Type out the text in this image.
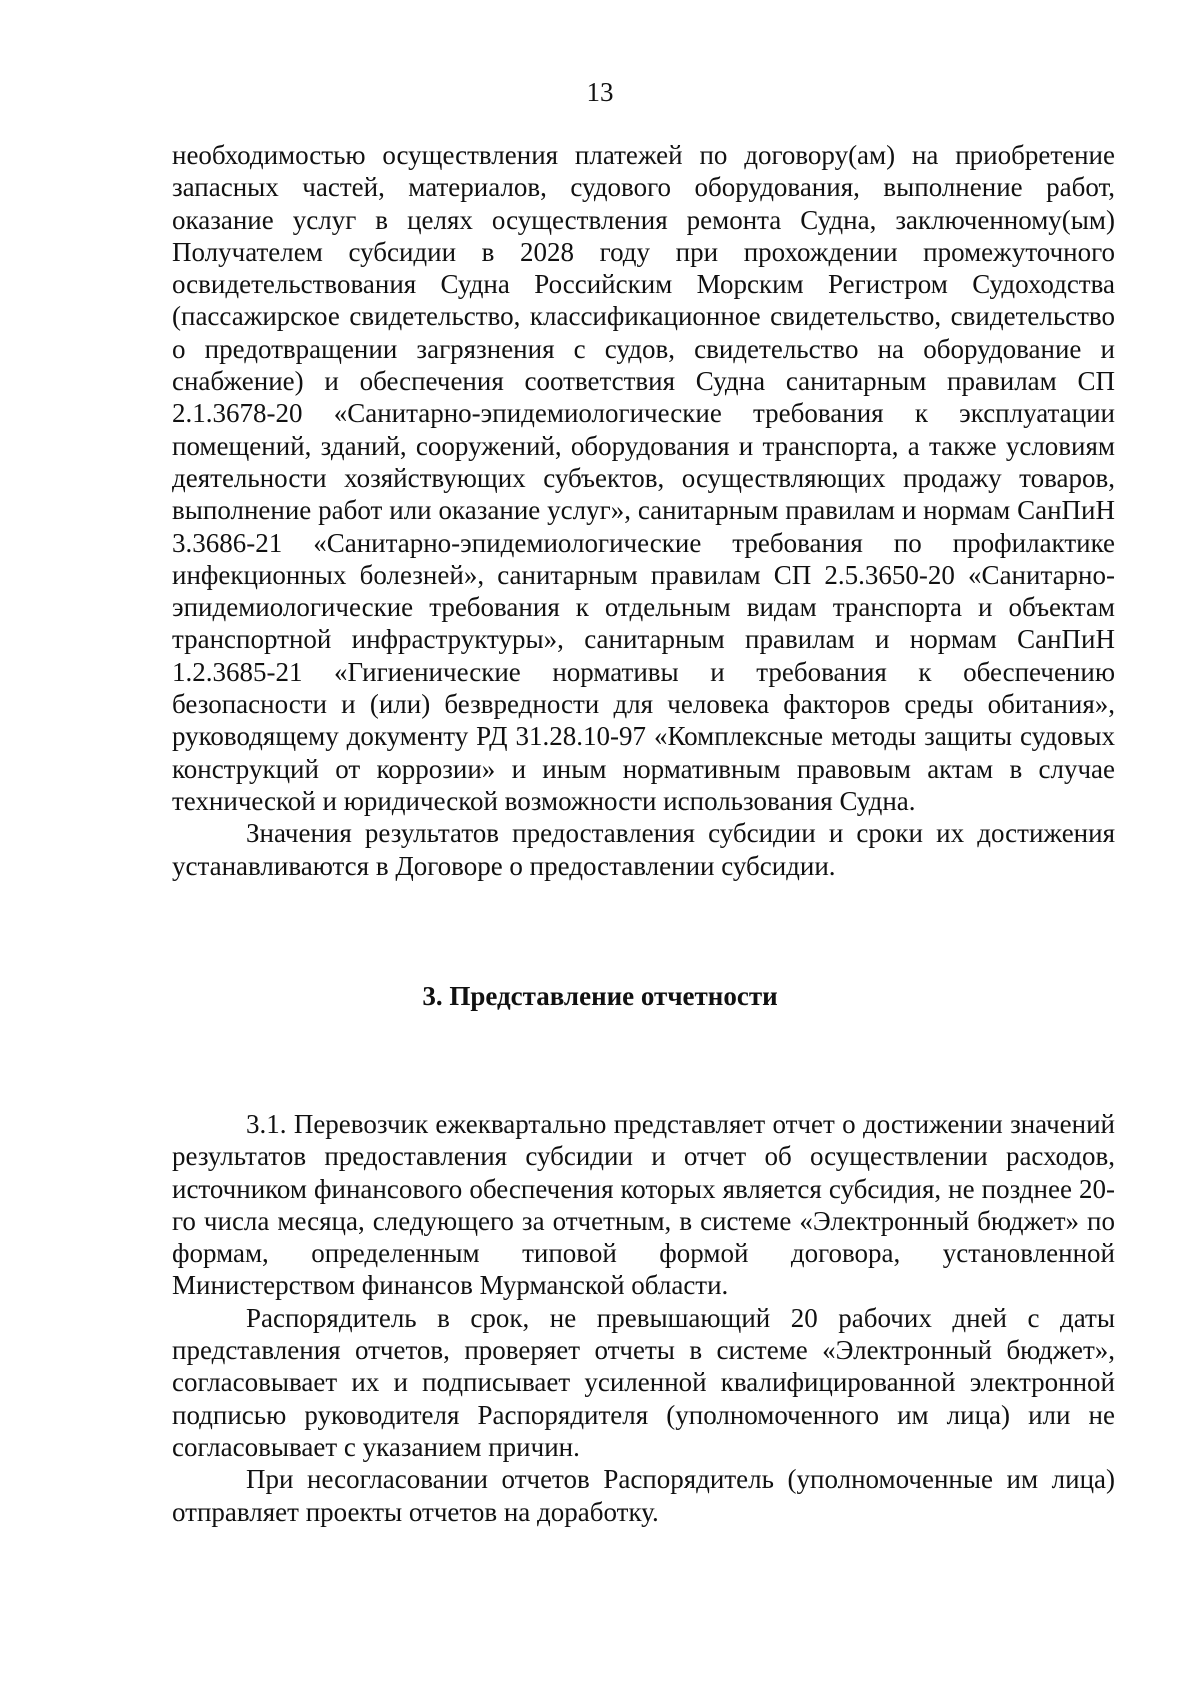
13

необходимостью осуществления платежей по договору(ам) на приобретение запасных частей, материалов, судового оборудования, выполнение работ, оказание услуг в целях осуществления ремонта Судна, заключенному(ым) Получателем субсидии в 2028 году при прохождении промежуточного освидетельствования Судна Российским Морским Регистром Судоходства (пассажирское свидетельство, классификационное свидетельство, свидетельство о предотвращении загрязнения с судов, свидетельство на оборудование и снабжение) и обеспечения соответствия Судна санитарным правилам СП 2.1.3678-20 «Санитарно-эпидемиологические требования к эксплуатации помещений, зданий, сооружений, оборудования и транспорта, а также условиям деятельности хозяйствующих субъектов, осуществляющих продажу товаров, выполнение работ или оказание услуг», санитарным правилам и нормам СанПиН 3.3686-21 «Санитарно-эпидемиологические требования по профилактике инфекционных болезней», санитарным правилам СП 2.5.3650-20 «Санитарно-эпидемиологические требования к отдельным видам транспорта и объектам транспортной инфраструктуры», санитарным правилам и нормам СанПиН 1.2.3685-21 «Гигиенические нормативы и требования к обеспечению безопасности и (или) безвредности для человека факторов среды обитания», руководящему документу РД 31.28.10-97 «Комплексные методы защиты судовых конструкций от коррозии» и иным нормативным правовым актам в случае технической и юридической возможности использования Судна.

Значения результатов предоставления субсидии и сроки их достижения устанавливаются в Договоре о предоставлении субсидии.

3. Представление отчетности

3.1. Перевозчик ежеквартально представляет отчет о достижении значений результатов предоставления субсидии и отчет об осуществлении расходов, источником финансового обеспечения которых является субсидия, не позднее 20-го числа месяца, следующего за отчетным, в системе «Электронный бюджет» по формам, определенным типовой формой договора, установленной Министерством финансов Мурманской области.

Распорядитель в срок, не превышающий 20 рабочих дней с даты представления отчетов, проверяет отчеты в системе «Электронный бюджет», согласовывает их и подписывает усиленной квалифицированной электронной подписью руководителя Распорядителя (уполномоченного им лица) или не согласовывает с указанием причин.

При несогласовании отчетов Распорядитель (уполномоченные им лица) отправляет проекты отчетов на доработку.
